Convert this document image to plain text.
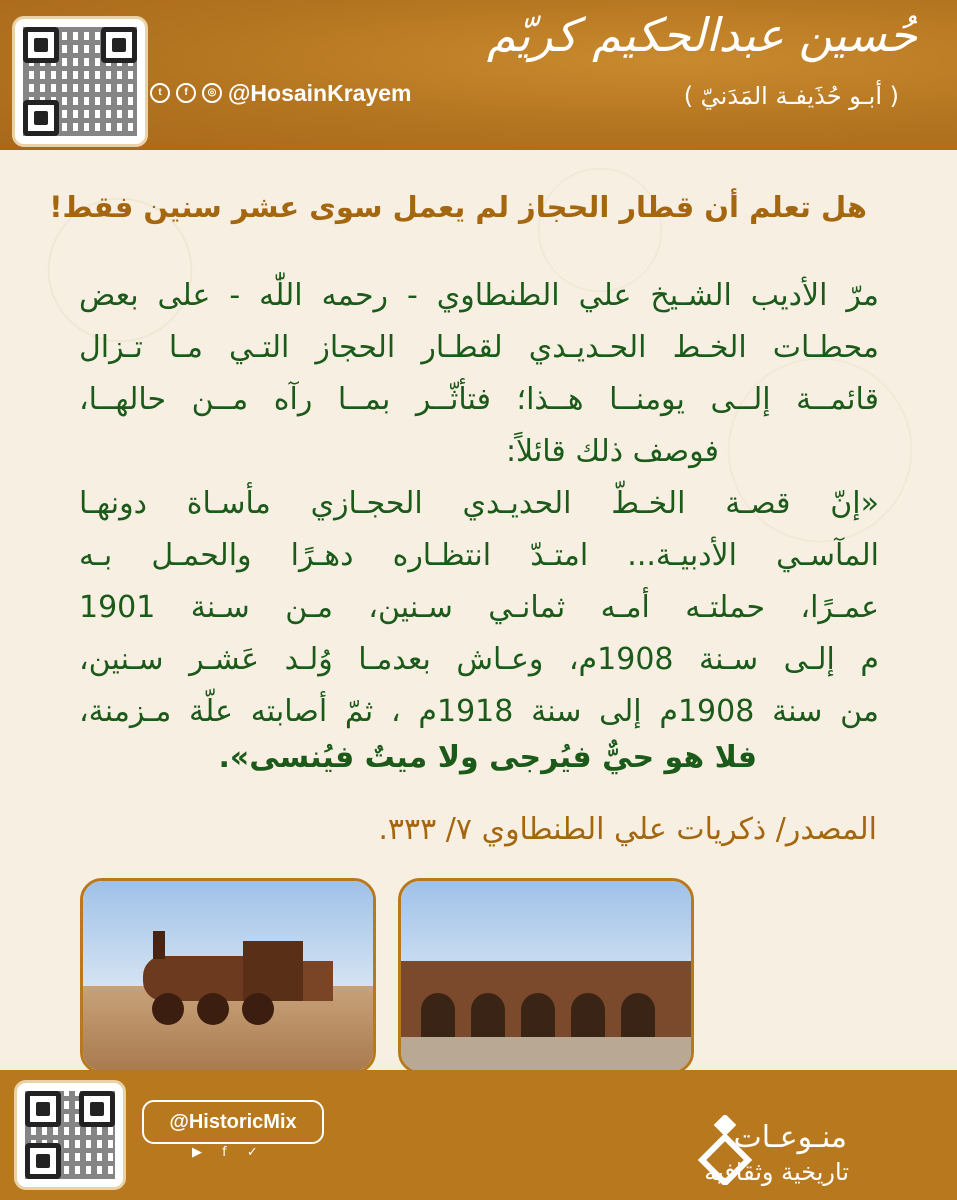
t	f	◎ @HosainKrayem
حُسين عبدالحكيم كريّم
( أبـو حُذَيفـة المَدَنيّ )
هل تعلم أن قطار الحجاز لم يعمل سوى عشر سنين فقط!
مرّ الأديب الشـيخ علي الطنطاوي - رحمه اللّٰه - على بعض
محطـات الخـط الحـديـدي لقطـار الحجاز التـي مـا تـزال
قائمــة إلــى يومنــا هــذا؛ فتأثّــر بمــا رآه مــن حالهــا،
فوصف ذلك قائلاً:
«إنّ قصـة الخـطّ الحديـدي الحجـازي مأسـاة دونهـا
المآسـي الأدبيـة... امتـدّ انتظـاره دهـرًا والحمـل بـه
عمـرًا، حملتـه أمـه ثمانـي سـنين، مـن سـنة 1901
م إلـى سـنة 1908م، وعـاش بعدمـا وُلـد عَشـر سـنين،
من سنة 1908م إلى سنة 1918م ، ثمّ أصابته علّة مـزمنة،
فلا هو حيٌّ فيُرجى ولا ميتٌ فيُنسى».
المصدر/ ذكريات علي الطنطاوي ٧/ ٣٣٣.
@HistoricMix
▶ f ✓	منـوعـات
تاريخية وثقافية
